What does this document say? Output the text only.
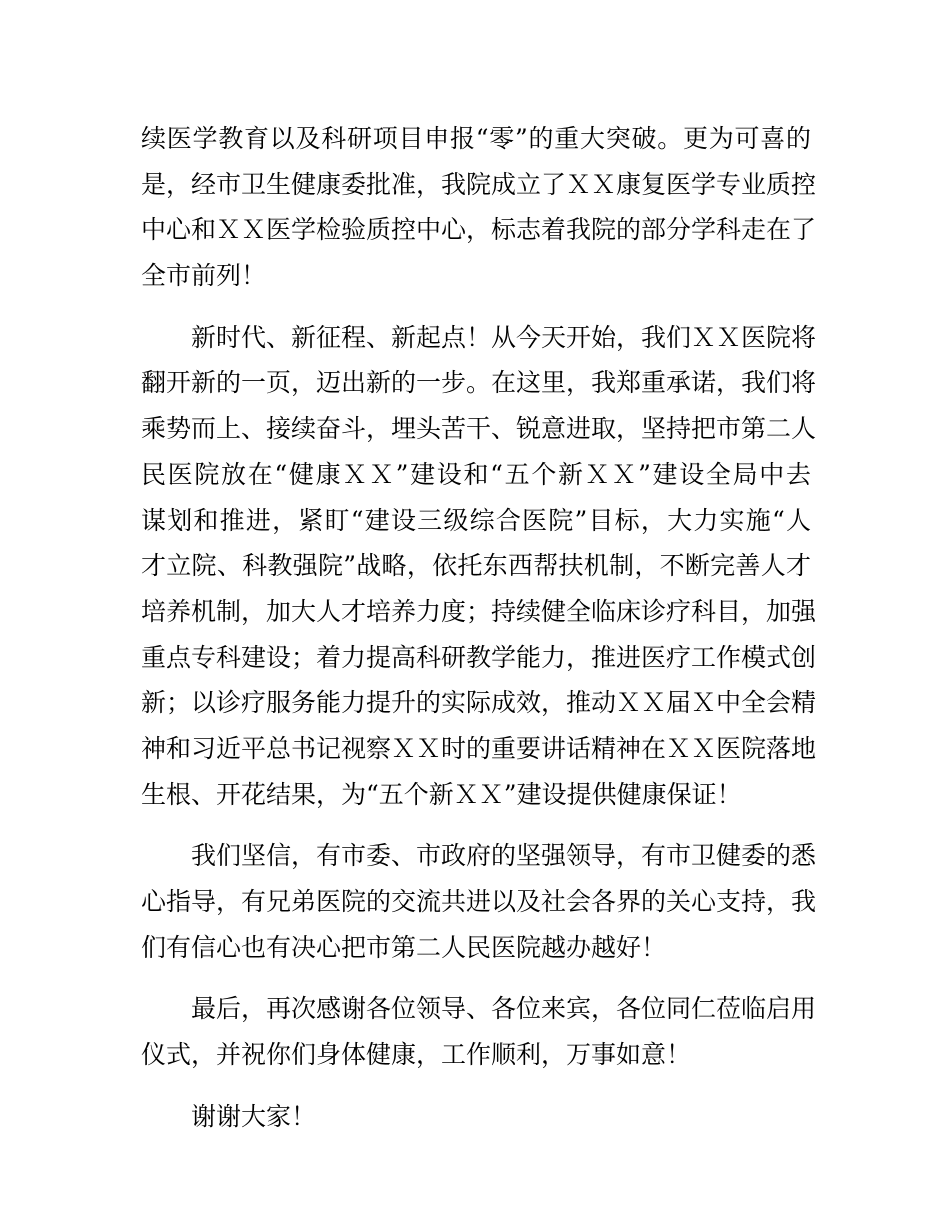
续医学教育以及科研项目申报“零”的重大突破。更为可喜的
是，经市卫生健康委批准，我院成立了ＸＸ康复医学专业质控
中心和ＸＸ医学检验质控中心，标志着我院的部分学科走在了
全市前列！

新时代、新征程、新起点！从今天开始，我们ＸＸ医院将
翻开新的一页，迈出新的一步。在这里，我郑重承诺，我们将
乘势而上、接续奋斗，埋头苦干、锐意进取，坚持把市第二人
民医院放在“健康ＸＸ”建设和“五个新ＸＸ”建设全局中去
谋划和推进，紧盯“建设三级综合医院”目标，大力实施“人
才立院、科教强院”战略，依托东西帮扶机制，不断完善人才
培养机制，加大人才培养力度；持续健全临床诊疗科目，加强
重点专科建设；着力提高科研教学能力，推进医疗工作模式创
新；以诊疗服务能力提升的实际成效，推动ＸＸ届Ｘ中全会精
神和习近平总书记视察ＸＸ时的重要讲话精神在ＸＸ医院落地
生根、开花结果，为“五个新ＸＸ”建设提供健康保证！

我们坚信，有市委、市政府的坚强领导，有市卫健委的悉
心指导，有兄弟医院的交流共进以及社会各界的关心支持，我
们有信心也有决心把市第二人民医院越办越好！

最后，再次感谢各位领导、各位来宾，各位同仁莅临启用
仪式，并祝你们身体健康，工作顺利，万事如意！

谢谢大家！
